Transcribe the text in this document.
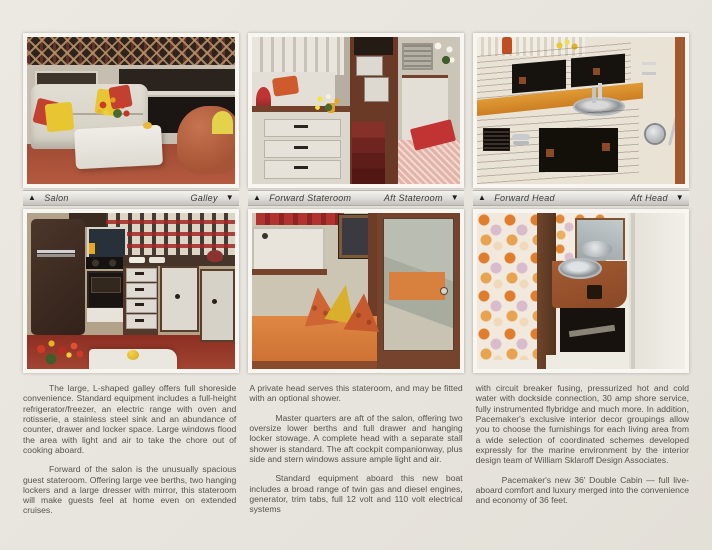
▲ Salon	Galley ▼ ▲ Forward Stateroom	Aft Stateroom ▼ ▲ Forward Head	Aft Head ▼

The large, L-shaped galley offers full shoreside convenience. Standard equipment includes a full-height refrigerator/freezer, an electric range with oven and rotisserie, a stainless steel sink and an abundance of counter, drawer and locker space. Large windows flood the area with light and air to take the chore out of cooking aboard.

Forward of the salon is the unusually spacious guest stateroom. Offering large vee berths, two hanging lockers and a large dresser with mirror, this stateroom will make guests feel at home even on extended cruises.

A private head serves this stateroom, and may be fitted with an optional shower.

Master quarters are aft of the salon, offering two oversize lower berths and full drawer and hanging locker stowage. A complete head with a separate stall shower is standard. The aft cockpit companionway, plus side and stern windows assure ample light and air.

Standard equipment aboard this new boat includes a broad range of twin gas and diesel engines, generator, trim tabs, full 12 volt and 110 volt electrical systems

with circuit breaker fusing, pressurized hot and cold water with dockside connection, 30 amp shore service, fully instrumented flybridge and much more. In addition, Pacemaker's exclusive interior decor groupings allow you to choose the furnishings for each living area from a wide selection of coordinated schemes developed expressly for the marine environment by the interior design team of William Sklaroff Design Associates.

Pacemaker's new 36' Double Cabin — full live-aboard comfort and luxury merged into the convenience and economy of 36 feet.
